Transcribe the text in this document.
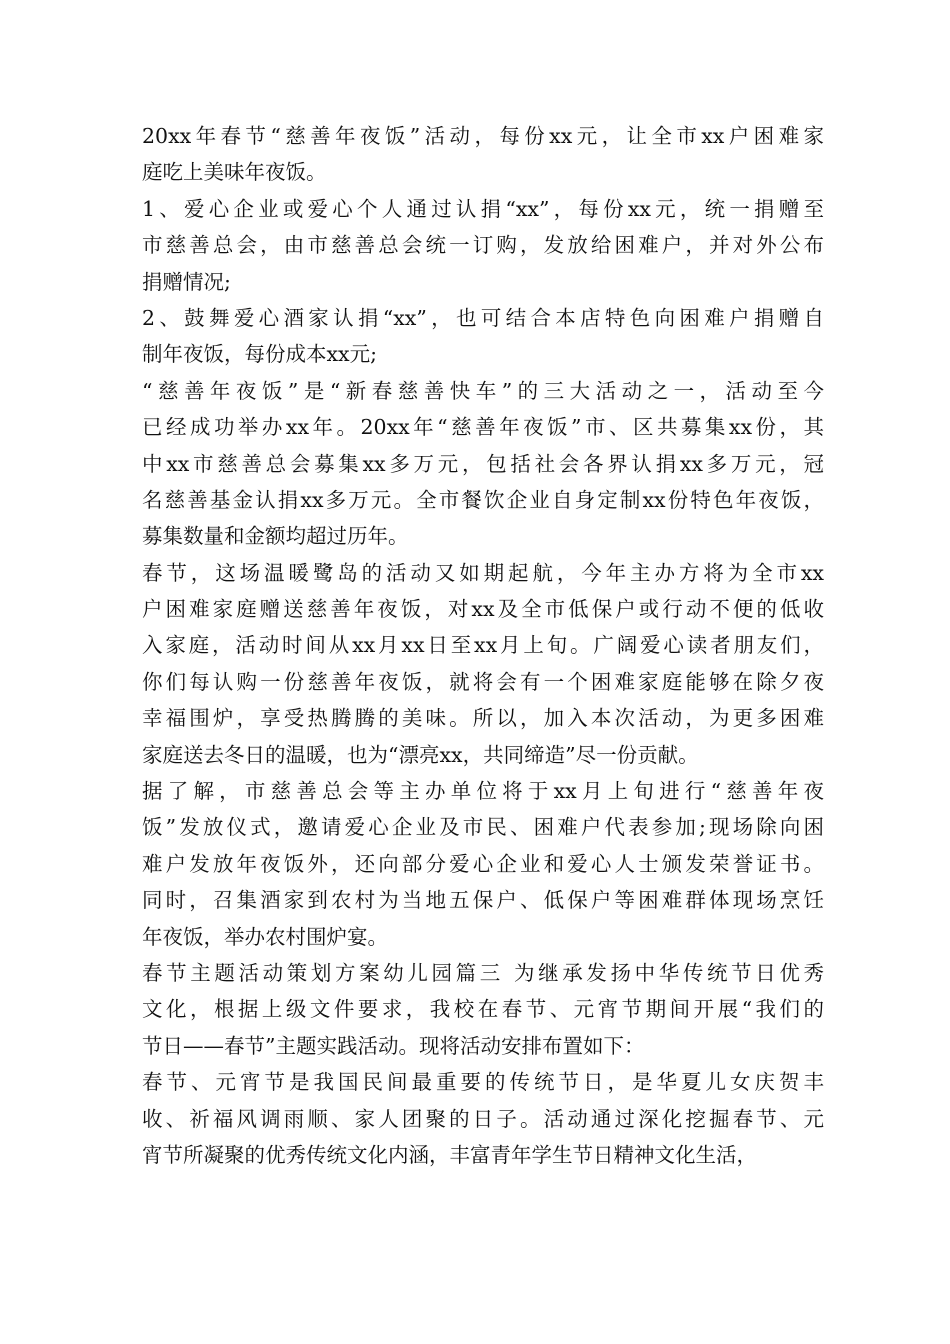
20xx年春节“慈善年夜饭”活动，每份xx元，让全市xx户困难家
庭吃上美味年夜饭。
1、爱心企业或爱心个人通过认捐“xx”，每份xx元，统一捐赠至
市慈善总会，由市慈善总会统一订购，发放给困难户，并对外公布
捐赠情况;
2、鼓舞爱心酒家认捐“xx”，也可结合本店特色向困难户捐赠自
制年夜饭，每份成本xx元;
“慈善年夜饭”是“新春慈善快车”的三大活动之一，活动至今
已经成功举办xx年。20xx年“慈善年夜饭”市、区共募集xx份，其
中xx市慈善总会募集xx多万元，包括社会各界认捐xx多万元，冠
名慈善基金认捐xx多万元。全市餐饮企业自身定制xx份特色年夜饭，
募集数量和金额均超过历年。
春节，这场温暖鹭岛的活动又如期起航，今年主办方将为全市xx
户困难家庭赠送慈善年夜饭，对xx及全市低保户或行动不便的低收
入家庭，活动时间从xx月xx日至xx月上旬。广阔爱心读者朋友们，
你们每认购一份慈善年夜饭，就将会有一个困难家庭能够在除夕夜
幸福围炉，享受热腾腾的美味。所以，加入本次活动，为更多困难
家庭送去冬日的温暖，也为“漂亮xx，共同缔造”尽一份贡献。
据了解，市慈善总会等主办单位将于xx月上旬进行“慈善年夜
饭”发放仪式，邀请爱心企业及市民、困难户代表参加;现场除向困
难户发放年夜饭外，还向部分爱心企业和爱心人士颁发荣誉证书。
同时，召集酒家到农村为当地五保户、低保户等困难群体现场烹饪
年夜饭，举办农村围炉宴。
春节主题活动策划方案幼儿园篇三 为继承发扬中华传统节日优秀
文化，根据上级文件要求，我校在春节、元宵节期间开展“我们的
节日——春节”主题实践活动。现将活动安排布置如下：
春节、元宵节是我国民间最重要的传统节日，是华夏儿女庆贺丰
收、祈福风调雨顺、家人团聚的日子。活动通过深化挖掘春节、元
宵节所凝聚的优秀传统文化内涵，丰富青年学生节日精神文化生活，
